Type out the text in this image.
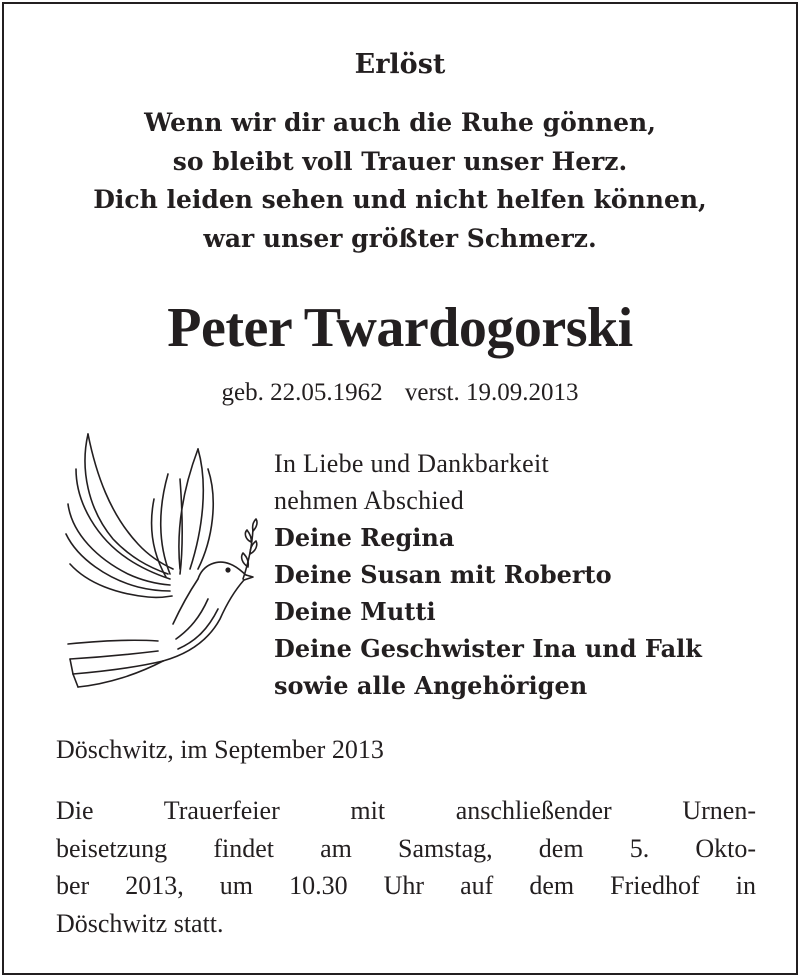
Erlöst
Wenn wir dir auch die Ruhe gönnen,
so bleibt voll Trauer unser Herz.
Dich leiden sehen und nicht helfen können,
war unser größter Schmerz.
Peter Twardogorski
geb. 22.05.1962 verst. 19.09.2013
In Liebe und Dankbarkeit
nehmen Abschied
Deine Regina
Deine Susan mit Roberto
Deine Mutti
Deine Geschwister Ina und Falk
sowie alle Angehörigen
Döschwitz, im September 2013
Die Trauerfeier mit anschließender Urnen-
beisetzung findet am Samstag, dem 5. Okto-
ber 2013, um 10.30 Uhr auf dem Friedhof in
Döschwitz statt.
